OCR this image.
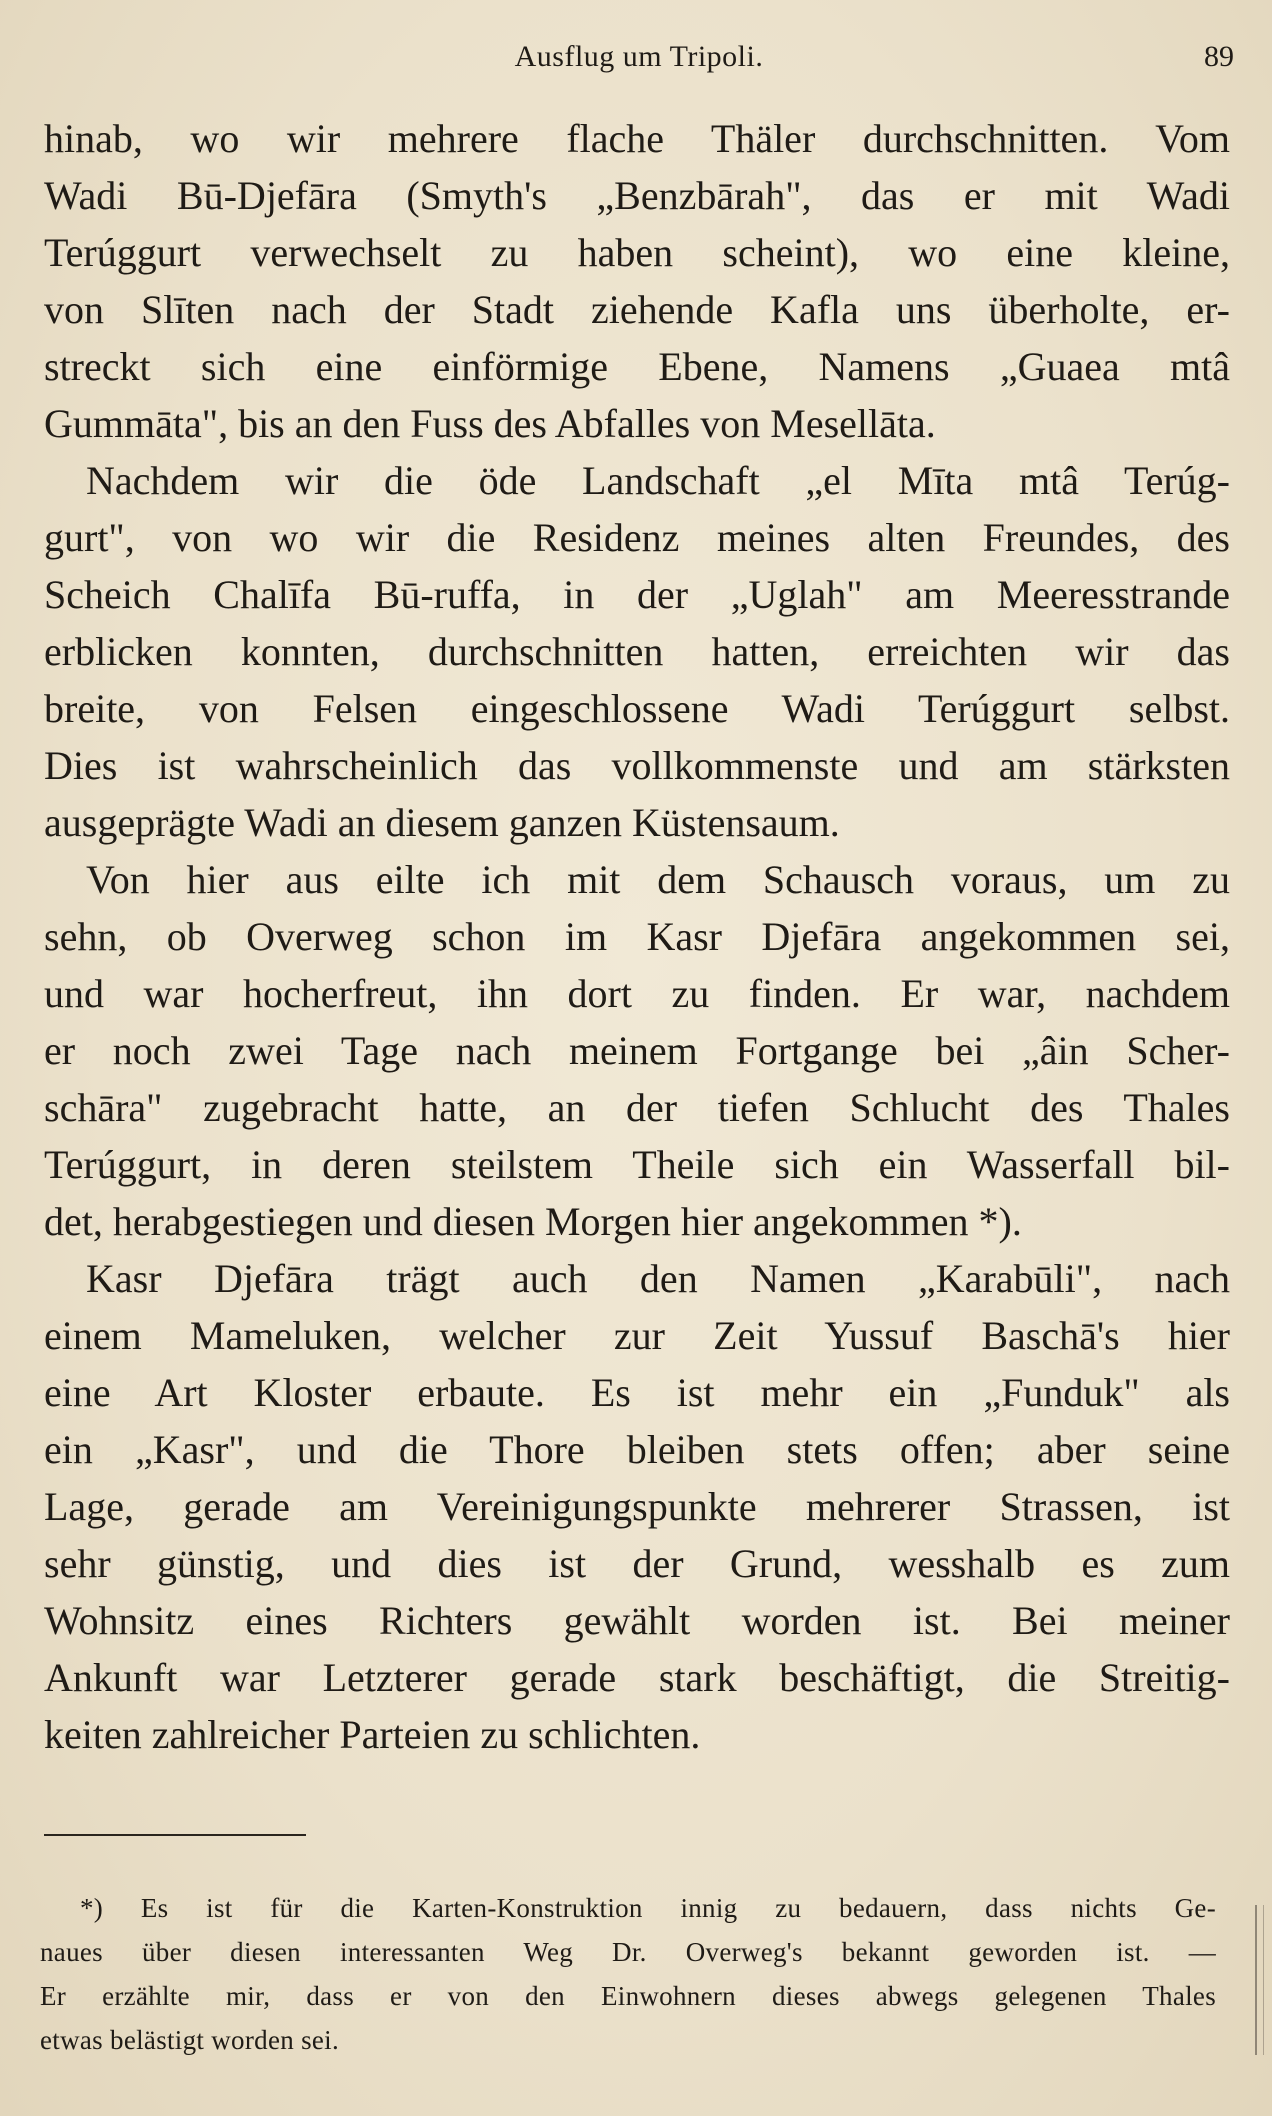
Ausflug um Tripoli.	89
hinab, wo wir mehrere flache Thäler durchschnitten. Vom
Wadi Bū-Djefāra (Smyth's „Benzbārah", das er mit Wadi
Terúggurt verwechselt zu haben scheint), wo eine kleine,
von Slīten nach der Stadt ziehende Kafla uns überholte, er-
streckt sich eine einförmige Ebene, Namens „Guaea mtâ
Gummāta", bis an den Fuss des Abfalles von Mesellāta.
Nachdem wir die öde Landschaft „el Mīta mtâ Terúg-
gurt", von wo wir die Residenz meines alten Freundes, des
Scheich Chalīfa Bū-ruffa, in der „Uglah" am Meeresstrande
erblicken konnten, durchschnitten hatten, erreichten wir das
breite, von Felsen eingeschlossene Wadi Terúggurt selbst.
Dies ist wahrscheinlich das vollkommenste und am stärksten
ausgeprägte Wadi an diesem ganzen Küstensaum.
Von hier aus eilte ich mit dem Schausch voraus, um zu
sehn, ob Overweg schon im Kasr Djefāra angekommen sei,
und war hocherfreut, ihn dort zu finden. Er war, nachdem
er noch zwei Tage nach meinem Fortgange bei „âin Scher-
schāra" zugebracht hatte, an der tiefen Schlucht des Thales
Terúggurt, in deren steilstem Theile sich ein Wasserfall bil-
det, herabgestiegen und diesen Morgen hier angekommen *).
Kasr Djefāra trägt auch den Namen „Karabūli", nach
einem Mameluken, welcher zur Zeit Yussuf Baschā's hier
eine Art Kloster erbaute. Es ist mehr ein „Funduk" als
ein „Kasr", und die Thore bleiben stets offen; aber seine
Lage, gerade am Vereinigungspunkte mehrerer Strassen, ist
sehr günstig, und dies ist der Grund, wesshalb es zum
Wohnsitz eines Richters gewählt worden ist. Bei meiner
Ankunft war Letzterer gerade stark beschäftigt, die Streitig-
keiten zahlreicher Parteien zu schlichten.
*) Es ist für die Karten-Konstruktion innig zu bedauern, dass nichts Ge-
naues über diesen interessanten Weg Dr. Overweg's bekannt geworden ist. —
Er erzählte mir, dass er von den Einwohnern dieses abwegs gelegenen Thales
etwas belästigt worden sei.
